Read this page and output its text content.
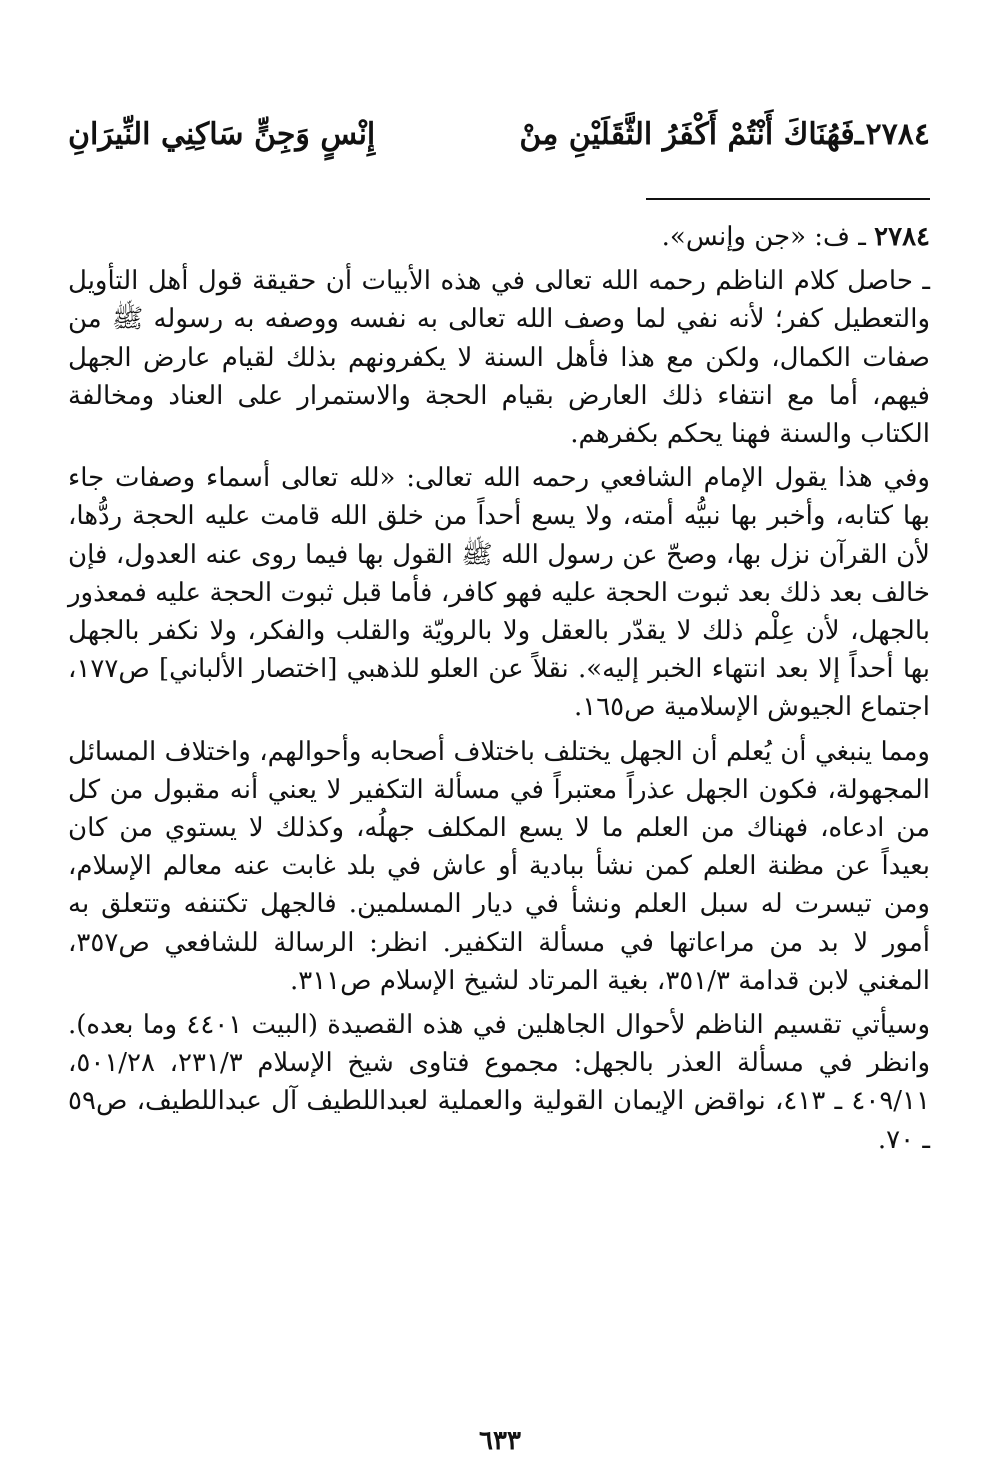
٢٧٨٤
ـ
فَهُنَاكَ أَنْتُمْ أَكْفَرُ الثَّقَلَيْنِ مِنْ
إِنْسٍ وَجِنٍّ سَاكِنِي النِّيرَانِ

٢٧٨٤ ـ ف: «جن وإنس».

ـ حاصل كلام الناظم رحمه الله تعالى في هذه الأبيات أن حقيقة قول أهل التأويل والتعطيل كفر؛ لأنه نفي لما وصف الله تعالى به نفسه ووصفه به رسوله ﷺ من صفات الكمال، ولكن مع هذا فأهل السنة لا يكفرونهم بذلك لقيام عارض الجهل فيهم، أما مع انتفاء ذلك العارض بقيام الحجة والاستمرار على العناد ومخالفة الكتاب والسنة فهنا يحكم بكفرهم.

وفي هذا يقول الإمام الشافعي رحمه الله تعالى: «لله تعالى أسماء وصفات جاء بها كتابه، وأخبر بها نبيُّه أمته، ولا يسع أحداً من خلق الله قامت عليه الحجة ردُّها، لأن القرآن نزل بها، وصحّ عن رسول الله ﷺ القول بها فيما روى عنه العدول، فإن خالف بعد ذلك بعد ثبوت الحجة عليه فهو كافر، فأما قبل ثبوت الحجة عليه فمعذور بالجهل، لأن عِلْم ذلك لا يقدّر بالعقل ولا بالرويّة والقلب والفكر، ولا نكفر بالجهل بها أحداً إلا بعد انتهاء الخبر إليه». نقلاً عن العلو للذهبي [اختصار الألباني] ص١٧٧، اجتماع الجيوش الإسلامية ص١٦٥.

ومما ينبغي أن يُعلم أن الجهل يختلف باختلاف أصحابه وأحوالهم، واختلاف المسائل المجهولة، فكون الجهل عذراً معتبراً في مسألة التكفير لا يعني أنه مقبول من كل من ادعاه، فهناك من العلم ما لا يسع المكلف جهلُه، وكذلك لا يستوي من كان بعيداً عن مظنة العلم كمن نشأ ببادية أو عاش في بلد غابت عنه معالم الإسلام، ومن تيسرت له سبل العلم ونشأ في ديار المسلمين. فالجهل تكتنفه وتتعلق به أمور لا بد من مراعاتها في مسألة التكفير. انظر: الرسالة للشافعي ص٣٥٧، المغني لابن قدامة ٣٥١/٣، بغية المرتاد لشيخ الإسلام ص٣١١.

وسيأتي تقسيم الناظم لأحوال الجاهلين في هذه القصيدة (البيت ٤٤٠١ وما بعده). وانظر في مسألة العذر بالجهل: مجموع فتاوى شيخ الإسلام ٢٣١/٣، ٥٠١/٢٨، ٤٠٩/١١ ـ ٤١٣، نواقض الإيمان القولية والعملية لعبداللطيف آل عبداللطيف، ص٥٩ ـ ٧٠.

٦٣٣
